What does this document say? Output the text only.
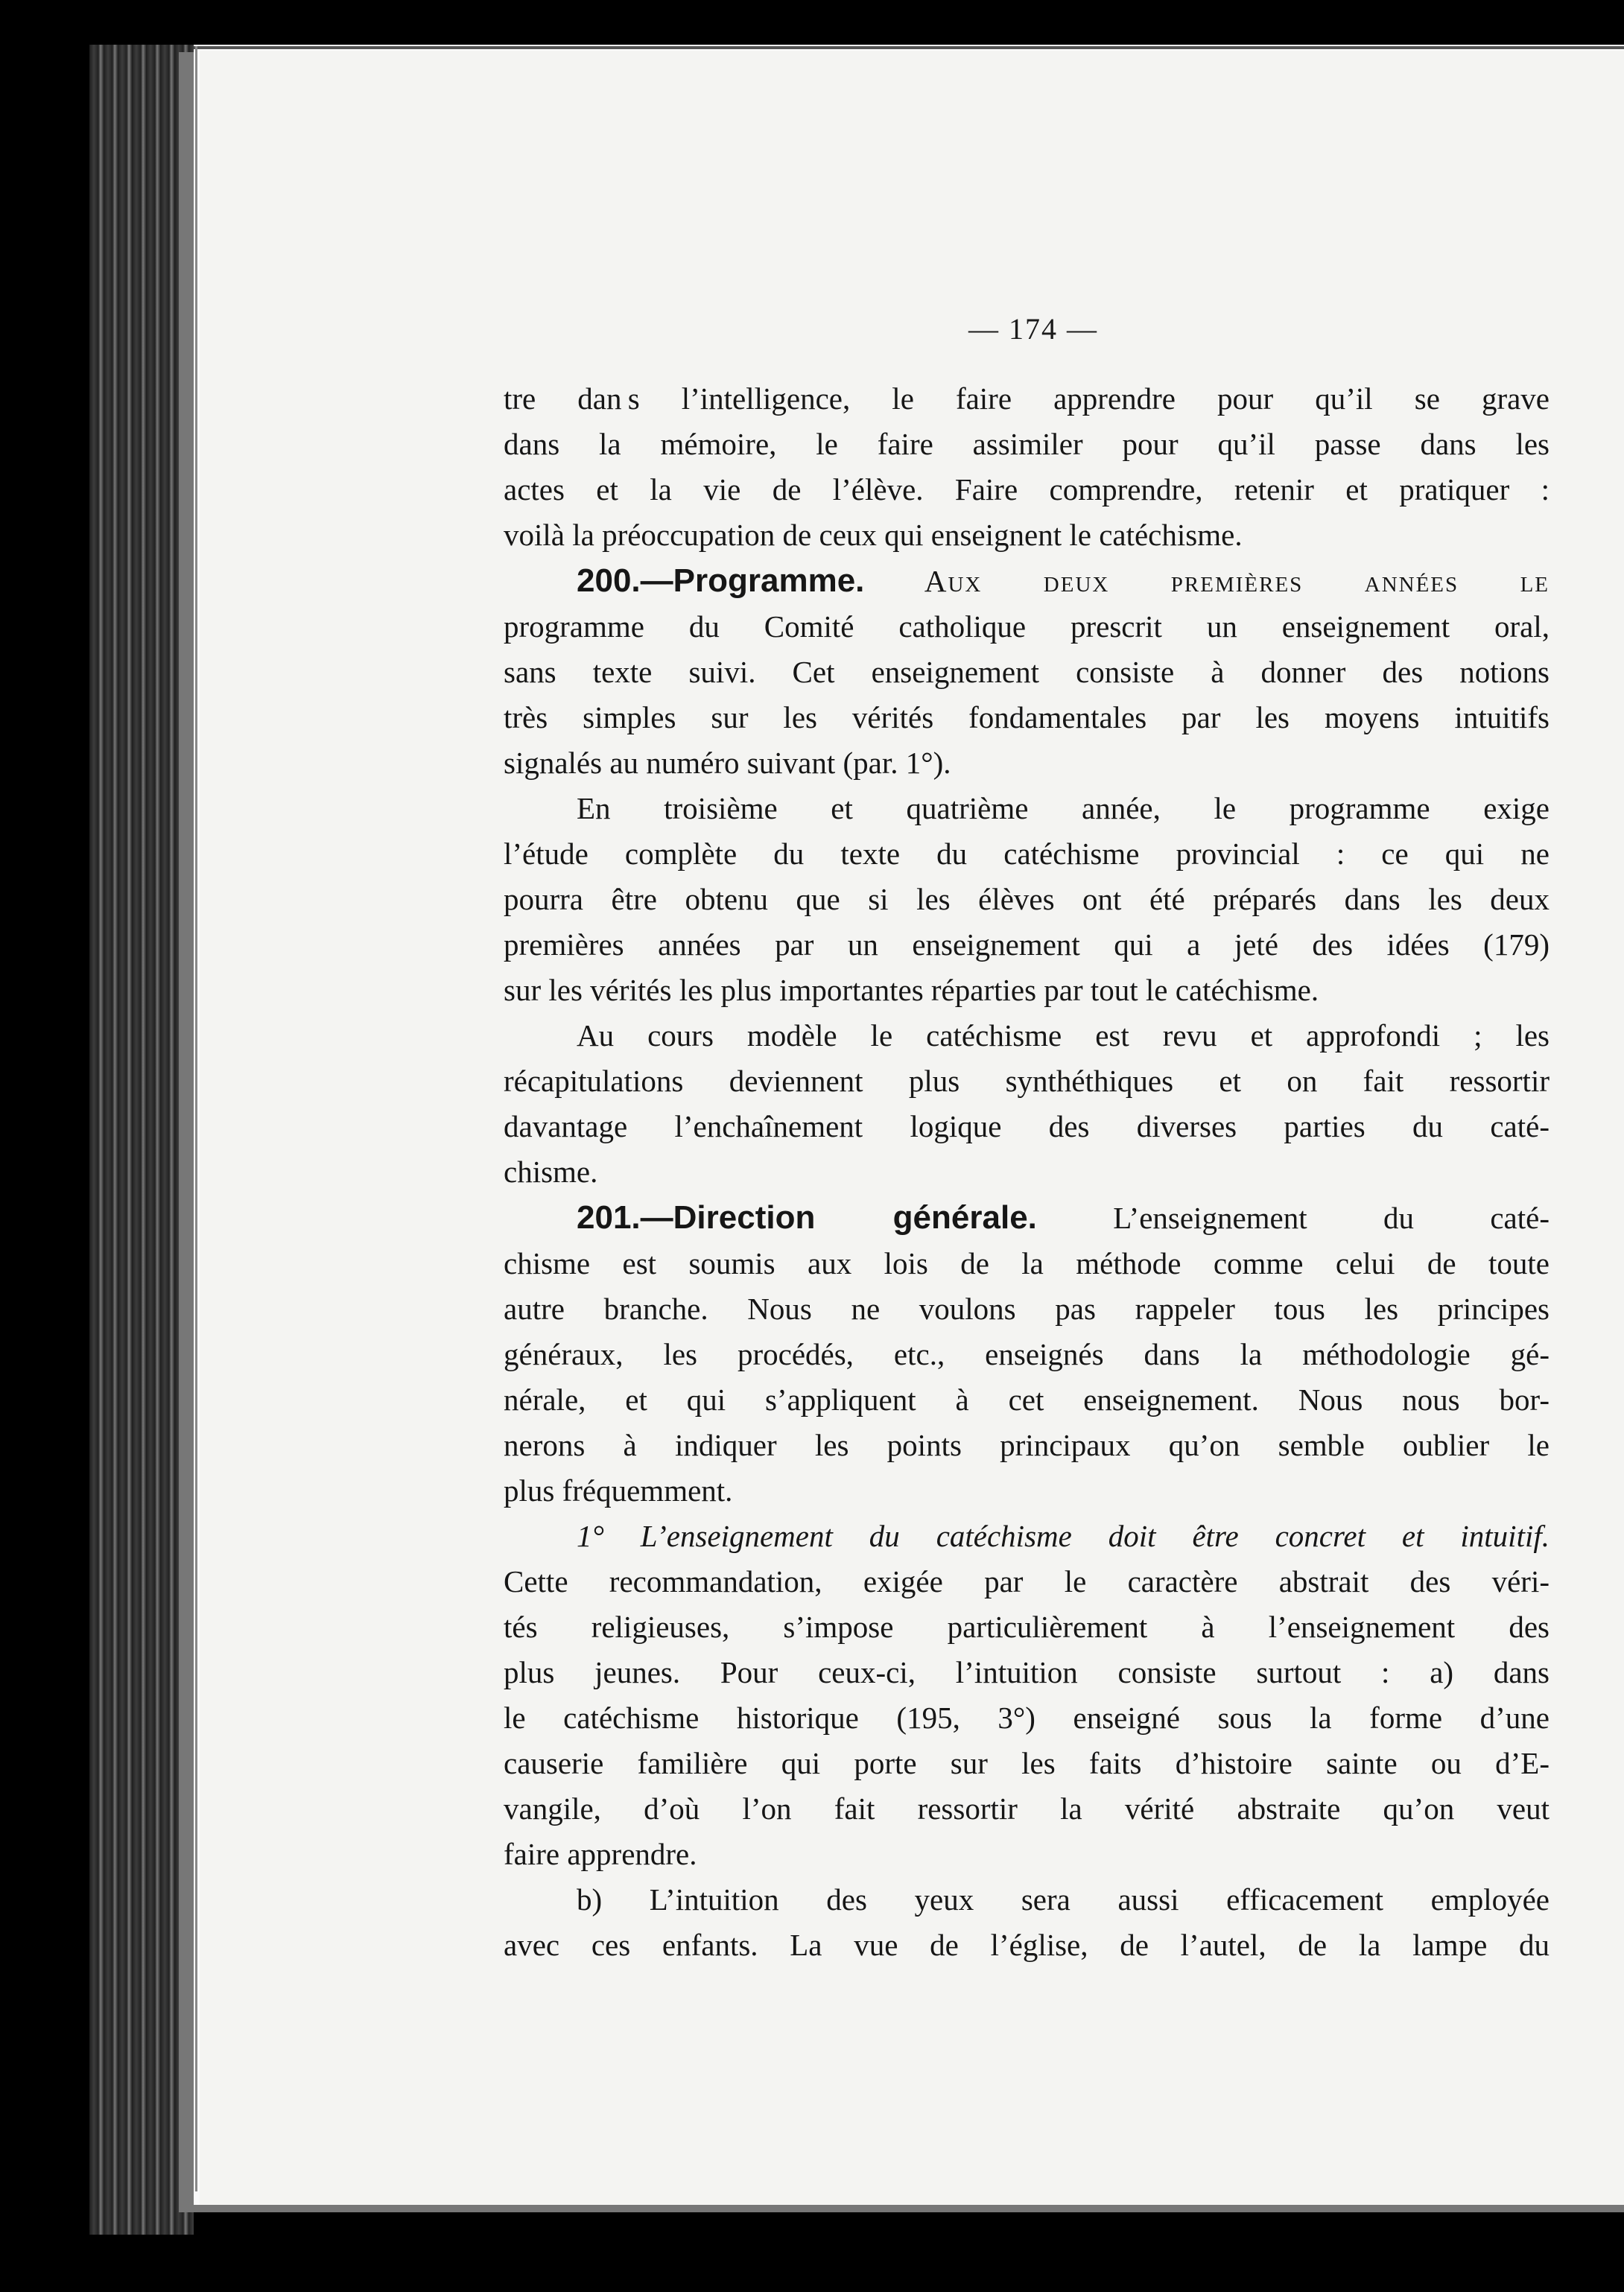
— 174 —

tre dan s l’intelligence, le faire apprendre pour qu’il se grave
dans la mémoire, le faire assimiler pour qu’il passe dans les
actes et la vie de l’élève. Faire comprendre, retenir et pratiquer :
voilà la préoccupation de ceux qui enseignent le catéchisme.

200.—Programme. Aux deux premières années le
programme du Comité catholique prescrit un enseignement oral,
sans texte suivi. Cet enseignement consiste à donner des notions
très simples sur les vérités fondamentales par les moyens intuitifs
signalés au numéro suivant (par. 1°).

En troisième et quatrième année, le programme exige
l’étude complète du texte du catéchisme provincial : ce qui ne
pourra être obtenu que si les élèves ont été préparés dans les deux
premières années par un enseignement qui a jeté des idées (179)
sur les vérités les plus importantes réparties par tout le catéchisme.

Au cours modèle le catéchisme est revu et approfondi ; les
récapitulations deviennent plus synthéthiques et on fait ressortir
davantage l’enchaînement logique des diverses parties du caté-
chisme.

201.—Direction générale. L’enseignement du caté-
chisme est soumis aux lois de la méthode comme celui de toute
autre branche. Nous ne voulons pas rappeler tous les principes
généraux, les procédés, etc., enseignés dans la méthodologie gé-
nérale, et qui s’appliquent à cet enseignement. Nous nous bor-
nerons à indiquer les points principaux qu’on semble oublier le
plus fréquemment.

1° L’enseignement du catéchisme doit être concret et intuitif.
Cette recommandation, exigée par le caractère abstrait des véri-
tés religieuses, s’impose particulièrement à l’enseignement des
plus jeunes. Pour ceux-ci, l’intuition consiste surtout : a) dans
le catéchisme historique (195, 3°) enseigné sous la forme d’une
causerie familière qui porte sur les faits d’histoire sainte ou d’E-
vangile, d’où l’on fait ressortir la vérité abstraite qu’on veut
faire apprendre.

b) L’intuition des yeux sera aussi efficacement employée
avec ces enfants. La vue de l’église, de l’autel, de la lampe du
